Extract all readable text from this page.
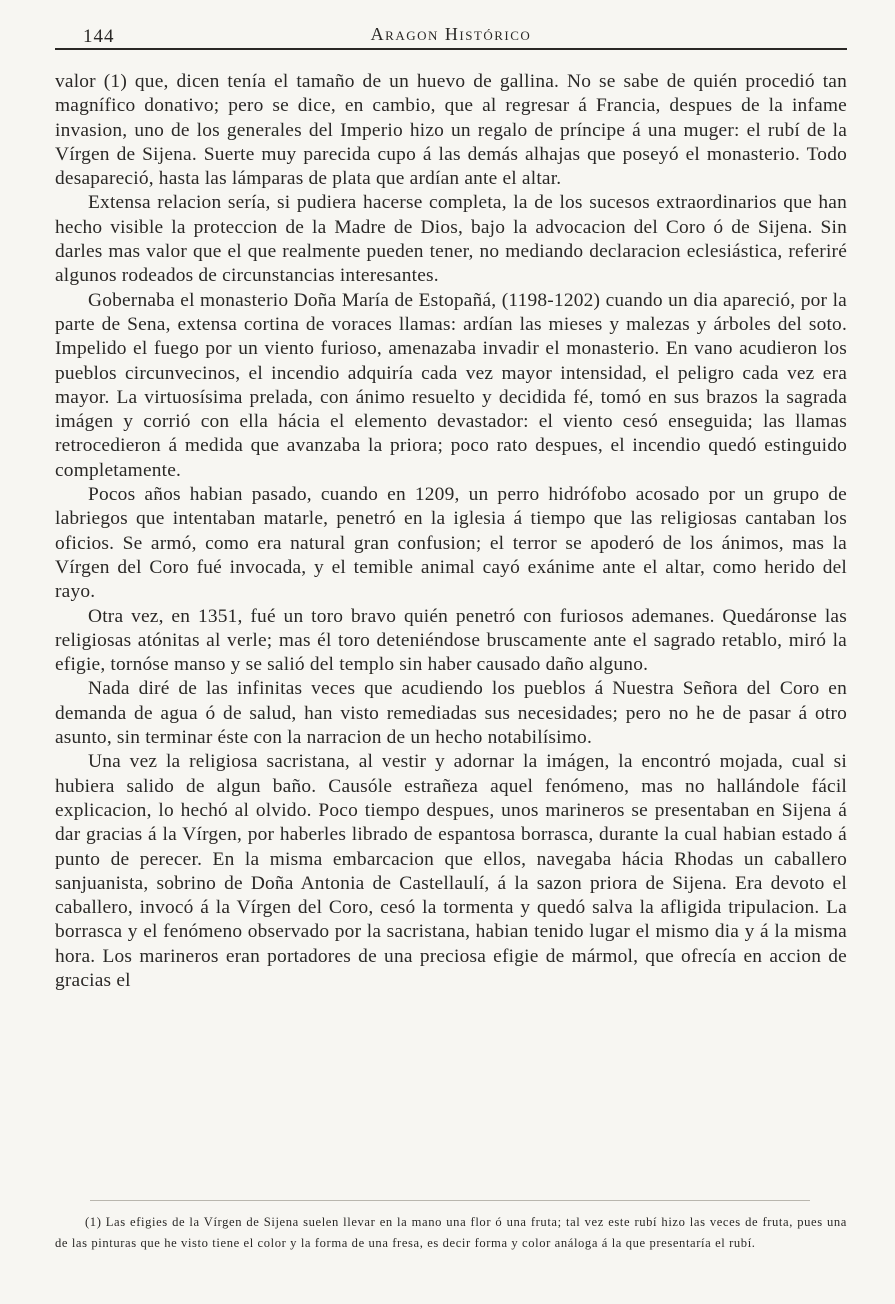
144	Aragon Histórico

valor (1) que, dicen tenía el tamaño de un huevo de gallina. No se sabe de quién procedió tan magnífico donativo; pero se dice, en cambio, que al regresar á Francia, despues de la infame invasion, uno de los generales del Imperio hizo un regalo de príncipe á una muger: el rubí de la Vírgen de Sijena. Suerte muy parecida cupo á las demás alhajas que poseyó el monasterio. Todo desapareció, hasta las lámparas de plata que ardían ante el altar.

Extensa relacion sería, si pudiera hacerse completa, la de los sucesos extraordinarios que han hecho visible la proteccion de la Madre de Dios, bajo la advocacion del Coro ó de Sijena. Sin darles mas valor que el que realmente pueden tener, no mediando declaracion eclesiástica, referiré algunos rodeados de circunstancias interesantes.

Gobernaba el monasterio Doña María de Estopañá, (1198-1202) cuando un dia apareció, por la parte de Sena, extensa cortina de voraces llamas: ardían las mieses y malezas y árboles del soto. Impelido el fuego por un viento furioso, amenazaba invadir el monasterio. En vano acudieron los pueblos circunvecinos, el incendio adquiría cada vez mayor intensidad, el peligro cada vez era mayor. La virtuosísima prelada, con ánimo resuelto y decidida fé, tomó en sus brazos la sagrada imágen y corrió con ella hácia el elemento devastador: el viento cesó enseguida; las llamas retrocedieron á medida que avanzaba la priora; poco rato despues, el incendio quedó estinguido completamente.

Pocos años habian pasado, cuando en 1209, un perro hidrófobo acosado por un grupo de labriegos que intentaban matarle, penetró en la iglesia á tiempo que las religiosas cantaban los oficios. Se armó, como era natural gran confusion; el terror se apoderó de los ánimos, mas la Vírgen del Coro fué invocada, y el temible animal cayó exánime ante el altar, como herido del rayo.

Otra vez, en 1351, fué un toro bravo quién penetró con furiosos ademanes. Quedáronse las religiosas atónitas al verle; mas él toro deteniéndose bruscamente ante el sagrado retablo, miró la efigie, tornóse manso y se salió del templo sin haber causado daño alguno.

Nada diré de las infinitas veces que acudiendo los pueblos á Nuestra Señora del Coro en demanda de agua ó de salud, han visto remediadas sus necesidades; pero no he de pasar á otro asunto, sin terminar éste con la narracion de un hecho notabilísimo.

Una vez la religiosa sacristana, al vestir y adornar la imágen, la encontró mojada, cual si hubiera salido de algun baño. Causóle estrañeza aquel fenómeno, mas no hallándole fácil explicacion, lo hechó al olvido. Poco tiempo despues, unos marineros se presentaban en Sijena á dar gracias á la Vírgen, por haberles librado de espantosa borrasca, durante la cual habian estado á punto de perecer. En la misma embarcacion que ellos, navegaba hácia Rhodas un caballero sanjuanista, sobrino de Doña Antonia de Castellaulí, á la sazon priora de Sijena. Era devoto el caballero, invocó á la Vírgen del Coro, cesó la tormenta y quedó salva la afligida tripulacion. La borrasca y el fenómeno observado por la sacristana, habian tenido lugar el mismo dia y á la misma hora. Los marineros eran portadores de una preciosa efigie de mármol, que ofrecía en accion de gracias el

(1) Las efigies de la Vírgen de Sijena suelen llevar en la mano una flor ó una fruta; tal vez este rubí hizo las veces de fruta, pues una de las pinturas que he visto tiene el color y la forma de una fresa, es decir forma y color análoga á la que presentaría el rubí.
